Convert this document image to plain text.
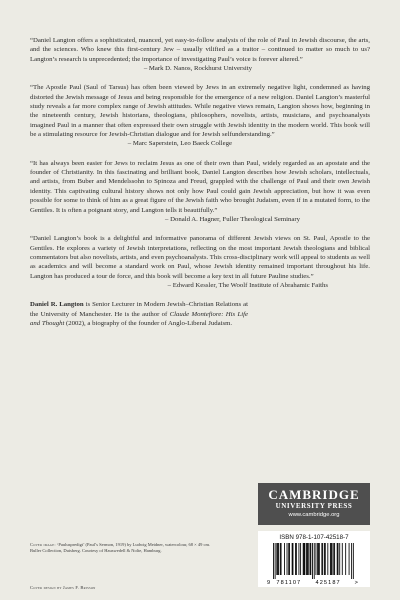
“Daniel Langton offers a sophisticated, nuanced, yet easy-to-follow analysis of the role of Paul in Jewish discourse, the arts, and the sciences. Who knew this first-century Jew – usually vilified as a traitor – continued to matter so much to us? Langton’s research is unprecedented; the importance of investigating Paul’s voice is forever altered.”

– Mark D. Nanos, Rockhurst University

“The Apostle Paul (Saul of Tarsus) has often been viewed by Jews in an extremely negative light, condemned as having distorted the Jewish message of Jesus and being responsible for the emergence of a new religion. Daniel Langton’s masterful study reveals a far more complex range of Jewish attitudes. While negative views remain, Langton shows how, beginning in the nineteenth century, Jewish historians, theologians, philosophers, novelists, artists, musicians, and psychoanalysts imagined Paul in a manner that often expressed their own struggle with Jewish identity in the modern world. This book will be a stimulating resource for Jewish-Christian dialogue and for Jewish selfunderstanding.”

– Marc Saperstein, Leo Baeck College

“It has always been easier for Jews to reclaim Jesus as one of their own than Paul, widely regarded as an apostate and the founder of Christianity. In this fascinating and brilliant book, Daniel Langton describes how Jewish scholars, intellectuals, and artists, from Buber and Mendelssohn to Spinoza and Freud, grappled with the challenge of Paul and their own Jewish identity. This captivating cultural history shows not only how Paul could gain Jewish appreciation, but how it was even possible for some to think of him as a great figure of the Jewish faith who brought Judaism, even if in a mutated form, to the Gentiles. It is often a poignant story, and Langton tells it beautifully.”

– Donald A. Hagner, Fuller Theological Seminary

“Daniel Langton’s book is a delightful and informative panorama of different Jewish views on St. Paul, Apostle to the Gentiles. He explores a variety of Jewish interpretations, reflecting on the most important Jewish theologians and biblical commentators but also novelists, artists, and even psychoanalysts. This cross-disciplinary work will appeal to students as well as academics and will become a standard work on Paul, whose Jewish identity remained important throughout his life. Langton has produced a tour de force, and this book will become a key text in all future Pauline studies.”

– Edward Kessler, The Woolf Institute of Abrahamic Faiths

Daniel R. Langton is Senior Lecturer in Modern Jewish–Christian Relations at the University of Manchester. He is the author of Claude Montefiore: His Life and Thought (2002), a biography of the founder of Anglo-Liberal Judaism.

Cover image: ‘Pauluspredigt’ (Paul’s Sermon, 1919) by Ludwig Meidner, watercolour, 68 × 49 cm. Buller Collection, Duisberg. Courtesy of Hauswedell & Nolte, Hamburg.

Cover design by James F. Brisson

CAMBRIDGE
UNIVERSITY PRESS
www.cambridge.org
ISBN 978-1-107-42518-7
9 781107	425187 >
